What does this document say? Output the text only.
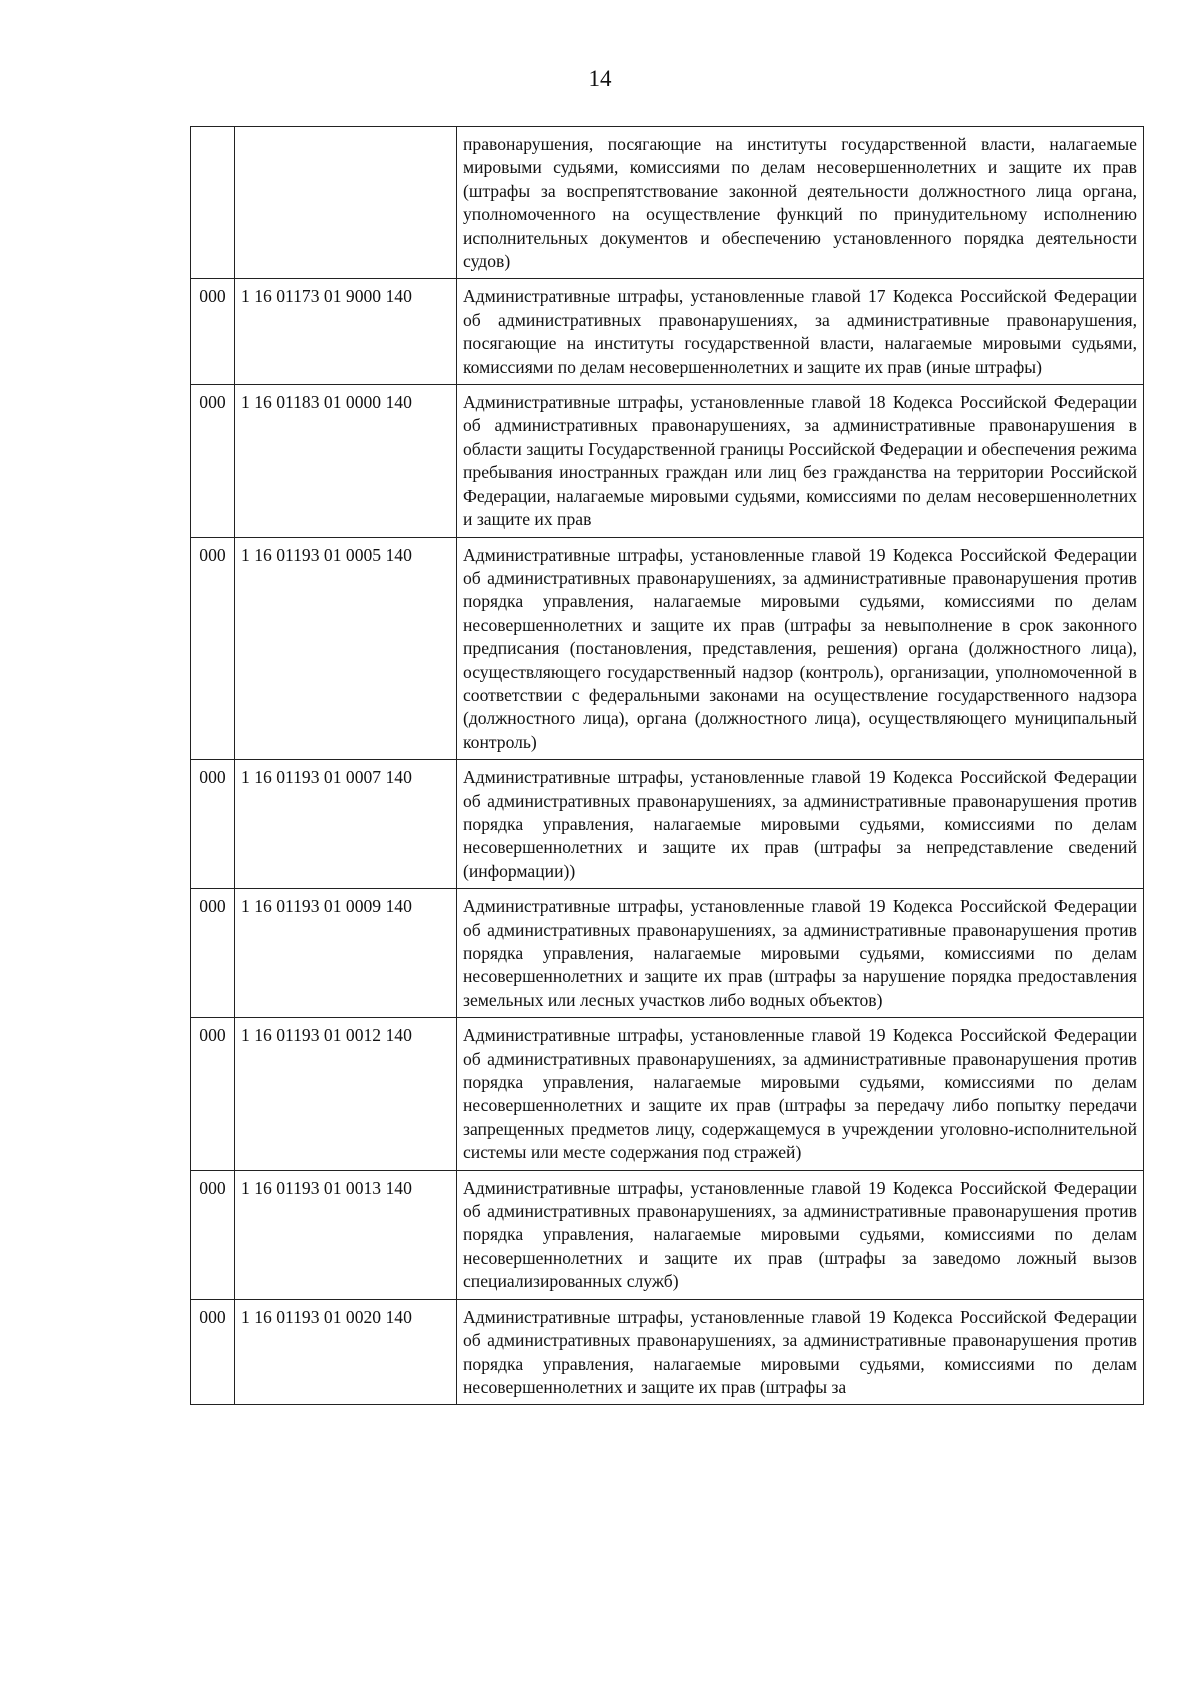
14
		правонарушения, посягающие на институты государственной власти, налагаемые мировыми судьями, комиссиями по делам несовершеннолетних и защите их прав (штрафы за воспрепятствование законной деятельности должностного лица органа, уполномоченного на осуществление функций по принудительному исполнению исполнительных документов и обеспечению установленного порядка деятельности судов)
000	1 16 01173 01 9000 140	Административные штрафы, установленные главой 17 Кодекса Российской Федерации об административных правонарушениях, за административные правонарушения, посягающие на институты государственной власти, налагаемые мировыми судьями, комиссиями по делам несовершеннолетних и защите их прав (иные штрафы)
000	1 16 01183 01 0000 140	Административные штрафы, установленные главой 18 Кодекса Российской Федерации об административных правонарушениях, за административные правонарушения в области защиты Государственной границы Российской Федерации и обеспечения режима пребывания иностранных граждан или лиц без гражданства на территории Российской Федерации, налагаемые мировыми судьями, комиссиями по делам несовершеннолетних и защите их прав
000	1 16 01193 01 0005 140	Административные штрафы, установленные главой 19 Кодекса Российской Федерации об административных правонарушениях, за административные правонарушения против порядка управления, налагаемые мировыми судьями, комиссиями по делам несовершеннолетних и защите их прав (штрафы за невыполнение в срок законного предписания (постановления, представления, решения) органа (должностного лица), осуществляющего государственный надзор (контроль), организации, уполномоченной в соответствии с федеральными законами на осуществление государственного надзора (должностного лица), органа (должностного лица), осуществляющего муниципальный контроль)
000	1 16 01193 01 0007 140	Административные штрафы, установленные главой 19 Кодекса Российской Федерации об административных правонарушениях, за административные правонарушения против порядка управления, налагаемые мировыми судьями, комиссиями по делам несовершеннолетних и защите их прав (штрафы за непредставление сведений (информации))
000	1 16 01193 01 0009 140	Административные штрафы, установленные главой 19 Кодекса Российской Федерации об административных правонарушениях, за административные правонарушения против порядка управления, налагаемые мировыми судьями, комиссиями по делам несовершеннолетних и защите их прав (штрафы за нарушение порядка предоставления земельных или лесных участков либо водных объектов)
000	1 16 01193 01 0012 140	Административные штрафы, установленные главой 19 Кодекса Российской Федерации об административных правонарушениях, за административные правонарушения против порядка управления, налагаемые мировыми судьями, комиссиями по делам несовершеннолетних и защите их прав (штрафы за передачу либо попытку передачи запрещенных предметов лицу, содержащемуся в учреждении уголовно-исполнительной системы или месте содержания под стражей)
000	1 16 01193 01 0013 140	Административные штрафы, установленные главой 19 Кодекса Российской Федерации об административных правонарушениях, за административные правонарушения против порядка управления, налагаемые мировыми судьями, комиссиями по делам несовершеннолетних и защите их прав (штрафы за заведомо ложный вызов специализированных служб)
000	1 16 01193 01 0020 140	Административные штрафы, установленные главой 19 Кодекса Российской Федерации об административных правонарушениях, за административные правонарушения против порядка управления, налагаемые мировыми судьями, комиссиями по делам несовершеннолетних и защите их прав (штрафы за
